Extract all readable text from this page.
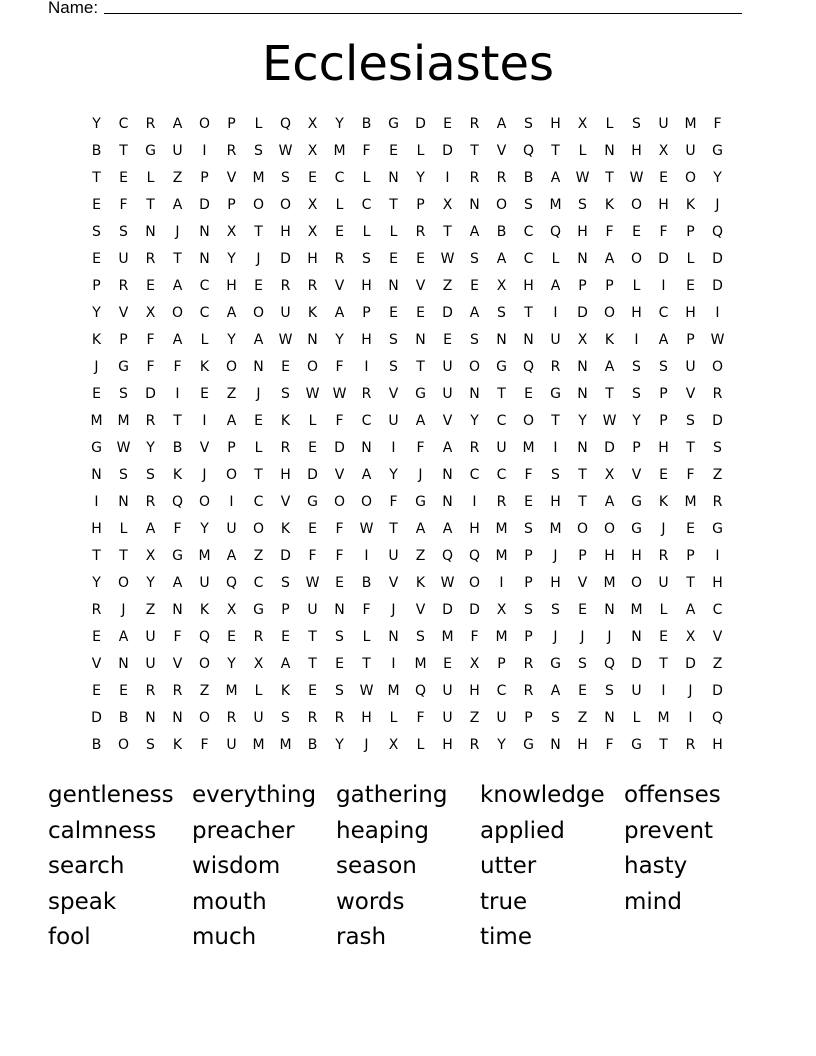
Name:
Ecclesiastes
Y	C	R	A	O	P	L	Q	X	Y	B	G	D	E	R	A	S	H	X	L	S	U	M	F
B	T	G	U	I	R	S	W	X	M	F	E	L	D	T	V	Q	T	L	N	H	X	U	G
T	E	L	Z	P	V	M	S	E	C	L	N	Y	I	R	R	B	A	W	T	W	E	O	Y
E	F	T	A	D	P	O	O	X	L	C	T	P	X	N	O	S	M	S	K	O	H	K	J
S	S	N	J	N	X	T	H	X	E	L	L	R	T	A	B	C	Q	H	F	E	F	P	Q
E	U	R	T	N	Y	J	D	H	R	S	E	E	W	S	A	C	L	N	A	O	D	L	D
P	R	E	A	C	H	E	R	R	V	H	N	V	Z	E	X	H	A	P	P	L	I	E	D
Y	V	X	O	C	A	O	U	K	A	P	E	E	D	A	S	T	I	D	O	H	C	H	I
K	P	F	A	L	Y	A	W	N	Y	H	S	N	E	S	N	N	U	X	K	I	A	P	W
J	G	F	F	K	O	N	E	O	F	I	S	T	U	O	G	Q	R	N	A	S	S	U	O
E	S	D	I	E	Z	J	S	W W	R	V	G	U	N	T	E	G	N	T	S	P	V	R
M	M	R	T	I	A	E	K	L	F	C	U	A	V	Y	C	O	T	Y	W	Y	P	S	D
G	W	Y	B	V	P	L	R	E	D	N	I	F	A	R	U	M	I	N	D	P	H	T	S
N	S	S	K	J	O	T	H	D	V	A	Y	J	N	C	C	F	S	T	X	V	E	F	Z
I	N	R	Q	O	I	C	V	G	O	O	F	G	N	I	R	E	H	T	A	G	K	M	R
H	L	A	F	Y	U	O	K	E	F	W	T	A	A	H	M	S	M	O	O	G	J	E	G
T	T	X	G	M	A	Z	D	F	F	I	U	Z	Q	Q	M	P	J	P	H	H	R	P	I
Y	O	Y	A	U	Q	C	S	W	E	B	V	K	W	O	I	P	H	V	M	O	U	T	H
R	J	Z	N	K	X	G	P	U	N	F	J	V	D	D	X	S	S	E	N	M	L	A	C
E	A	U	F	Q	E	R	E	T	S	L	N	S	M	F	M	P	J	J	J	N	E	X	V
V	N	U	V	O	Y	X	A	T	E	T	I	M	E	X	P	R	G	S	Q	D	T	D	Z
E	E	R	R	Z	M	L	K	E	S	W	M	Q	U	H	C	R	A	E	S	U	I	J	D
D	B	N	N	O	R	U	S	R	R	H	L	F	U	Z	U	P	S	Z	N	L	M	I	Q
B	O	S	K	F	U	M	M	B	Y	J	X	L	H	R	Y	G	N	H	F	G	T	R	H
gentleness everything gathering	knowledge offenses
calmness	preacher	heaping	applied	prevent
search	wisdom	season	utter	hasty
speak	mouth	words	true	mind
fool	much	rash	time
